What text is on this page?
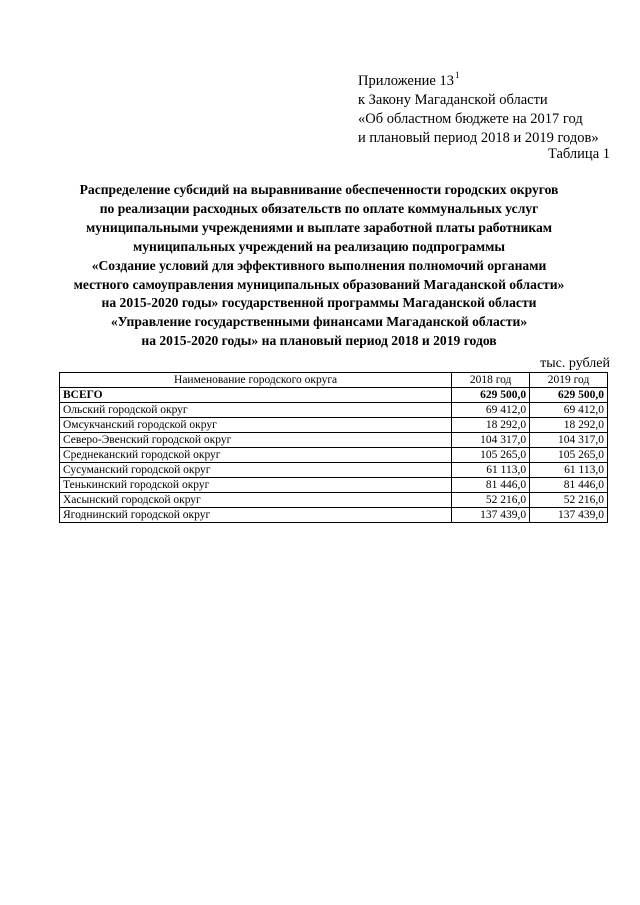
Приложение $13^1$
к Закону Магаданской области
«Об областном бюджете на 2017 год
и плановый период 2018 и 2019 годов»
Таблица 1
Распределение субсидий на выравнивание обеспеченности городских округов
по реализации расходных обязательств по оплате коммунальных услуг
муниципальными учреждениями и выплате заработной платы работникам
муниципальных учреждений на реализацию подпрограммы
«Создание условий для эффективного выполнения полномочий органами
местного самоуправления муниципальных образований Магаданской области»
на 2015-2020 годы» государственной программы Магаданской области
«Управление государственными финансами Магаданской области»
на 2015-2020 годы» на плановый период 2018 и 2019 годов
тыс. рублей
Наименование городского округа	2018 год	2019 год
ВСЕГО	629 500,0	629 500,0
Ольский городской округ	69 412,0	69 412,0
Омсукчанский городской округ	18 292,0	18 292,0
Северо-Эвенский городской округ	104 317,0	104 317,0
Среднеканский городской округ	105 265,0	105 265,0
Сусуманский городской округ	61 113,0	61 113,0
Тенькинский городской округ	81 446,0	81 446,0
Хасынский городской округ	52 216,0	52 216,0
Ягоднинский городской округ	137 439,0	137 439,0
